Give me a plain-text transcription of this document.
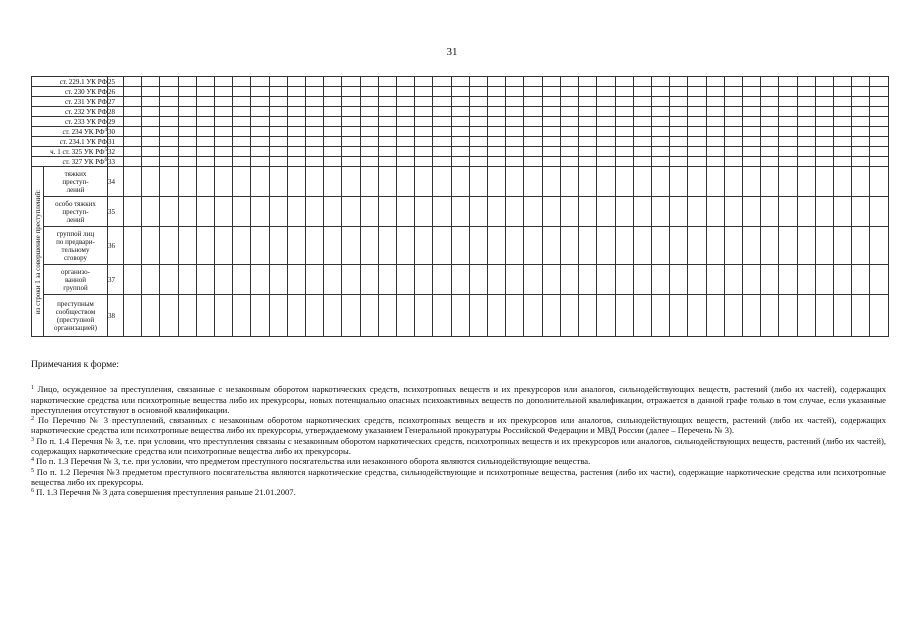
31
ст. 229.1 УК РФ		25																																										
ст. 230 УК РФ		26																																										
ст. 231 УК РФ		27																																										
ст. 232 УК РФ		28																																										
ст. 233 УК РФ		29																																										
ст. 234 УК $РФ^4$		30																																										
ст. 234.1 УК РФ		31																																										
ч. 1 ст. 325 УК $РФ^5$		32																																										
ст. 327 УК $РФ^6$		33																																										

из строки 1 за совершение преступлений:	тяжких
преступ-
лений	34																																										

	особо тяжких
преступ-
лений	35																																										

	группой лиц
по предвари-
тельному
сговору	36																																										

	организо-
ванной
группой	37																																										

	преступным
сообществом
(преступной
организацией)	38																																										
Примечания к форме:

$^1$ Лицо, осужденное за преступления, связанные с незаконным оборотом наркотических средств, психотропных веществ и их прекурсоров или аналогов, сильнодействующих веществ, растений (либо их частей), содержащих наркотические средства или психотропные вещества либо их прекурсоры, новых потенциально опасных психоактивных веществ по дополнительной квалификации, отражается в данной графе только в том случае, если указанные преступления отсутствуют в основной квалификации.

$^2$ По Перечню № 3 преступлений, связанных с незаконным оборотом наркотических средств, психотропных веществ и их прекурсоров или аналогов, сильнодействующих веществ, растений (либо их частей), содержащих наркотические средства или психотропные вещества либо их прекурсоры, утверждаемому указанием Генеральной прокуратуры Российской Федерации и МВД России (далее – Перечень № 3).

$^3$ По п. 1.4 Перечня № 3, т.е. при условии, что преступления связаны с незаконным оборотом наркотических средств, психотропных веществ и их прекурсоров или аналогов, сильнодействующих веществ, растений (либо их частей), содержащих наркотические средства или психотропные вещества либо их прекурсоры.

$^4$ По п. 1.3 Перечня № 3, т.е. при условии, что предметом преступного посягательства или незаконного оборота являются сильнодействующие вещества.

$^5$ По п. 1.2 Перечня №3 предметом преступного посягательства являются наркотические средства, сильнодействующие и психотропные вещества, растения (либо их части), содержащие наркотические средства или психотропные вещества либо их прекурсоры.

$^6$ П. 1.3 Перечня № 3 дата совершения преступления раньше 21.01.2007.
